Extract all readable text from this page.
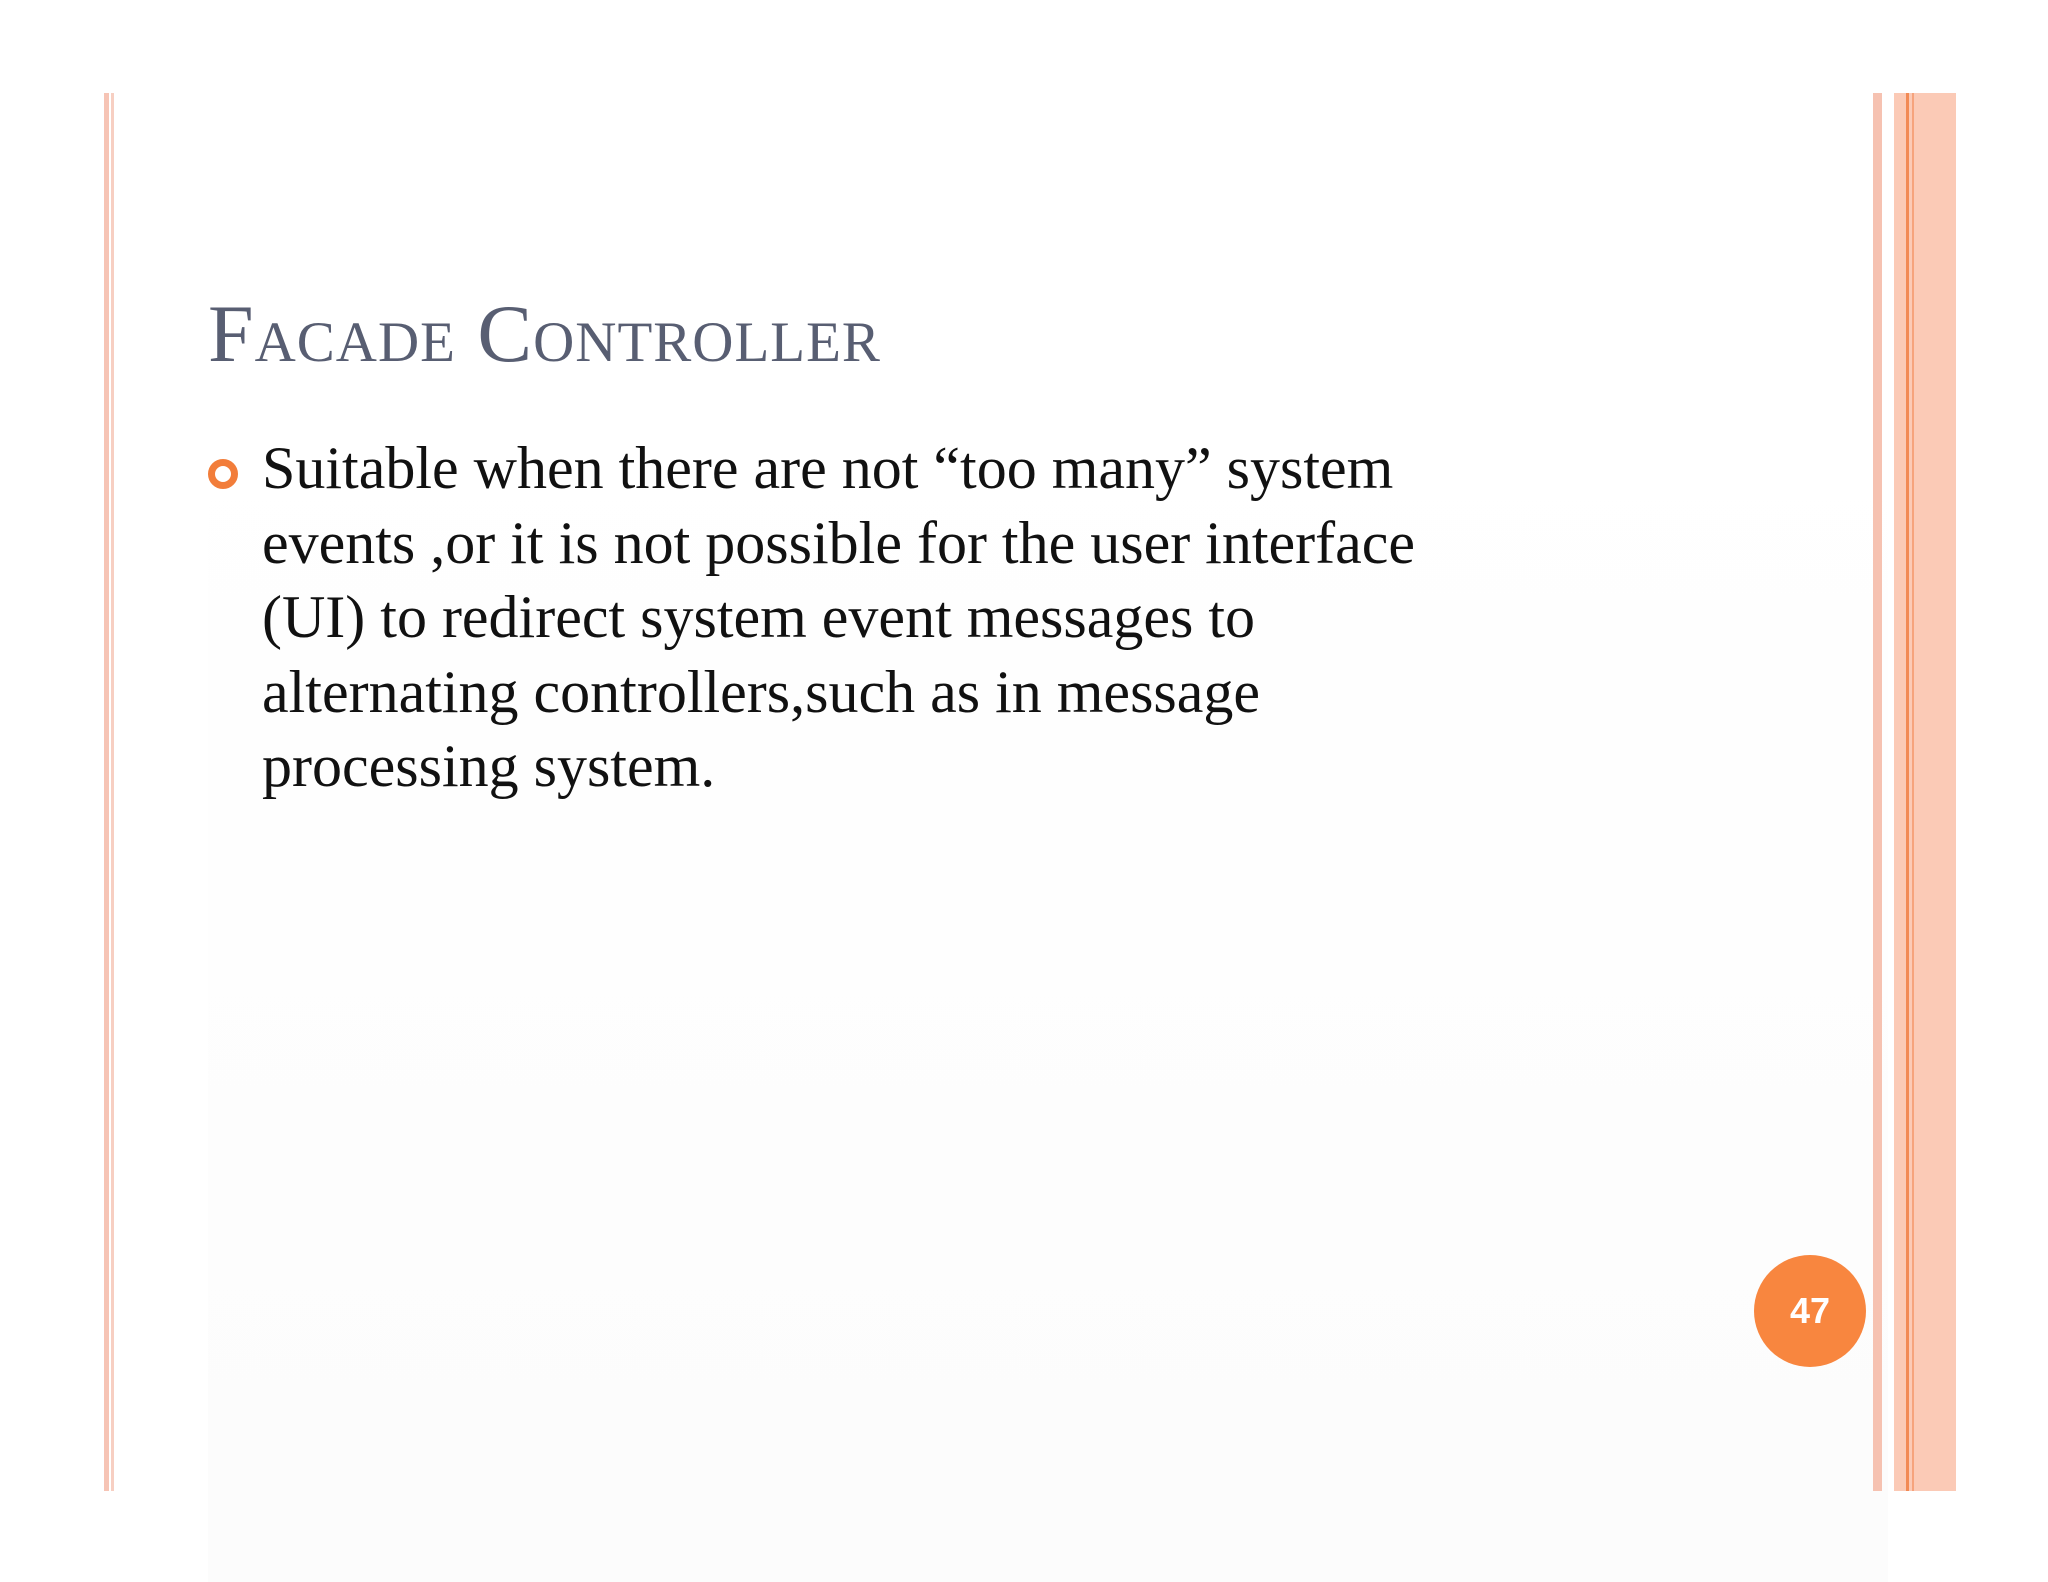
Facade Controller

Suitable when there are not “too many” system
events ,or it is not possible for the user interface
(UI) to redirect system event messages to
alternating controllers,such as in message
processing system.

47
